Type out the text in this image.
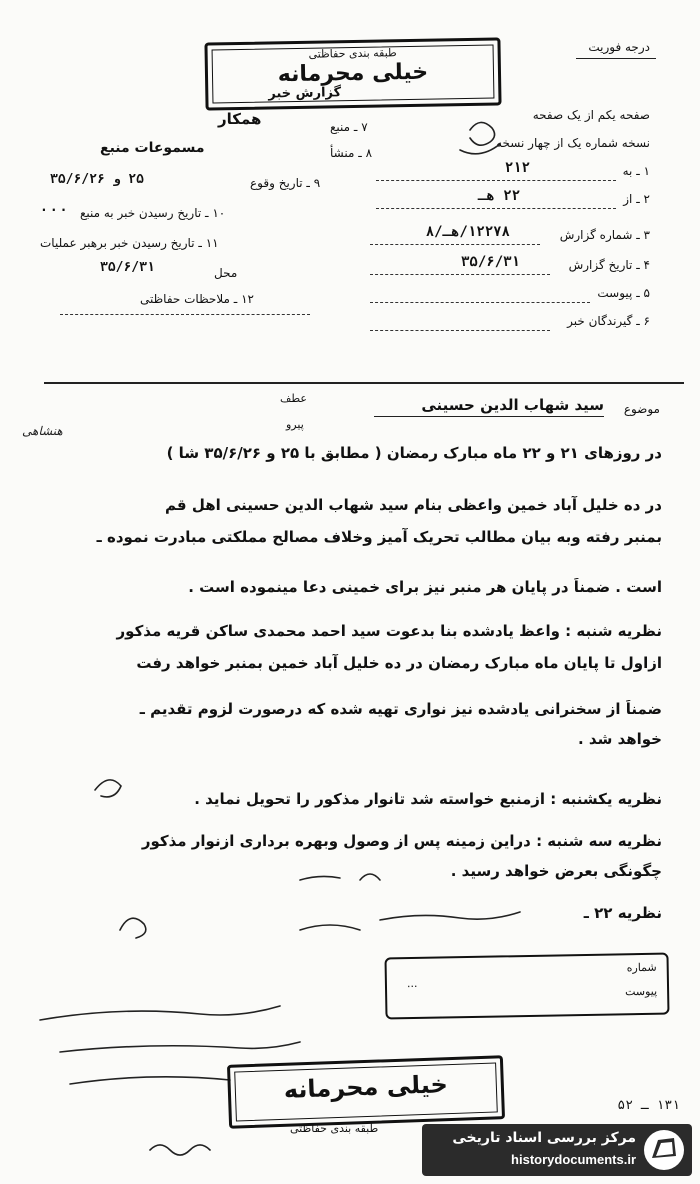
درجه فوریت
طبقه بندی حفاظتی
خیلی محرمانه
گزارش خبر
صفحه یکم از یک صفحه
نسخه شماره یک از چهار نسخه
۱ ـ به
۲۱۲
۲ ـ از
۲۲ هـ
۳ ـ شماره گزارش
۱۲۲۷۸/هـ/۸
۴ ـ تاریخ گزارش
۳۵/۶/۳۱
۵ ـ پیوست
۶ ـ گیرندگان خبر
۷ ـ منبع
همکار
۸ ـ منشأ
مسموعات منبع
۹ ـ تاریخ وقوع
۲۵ و ۳۵/۶/۲۶
۱۰ ـ تاریخ رسیدن خبر به منبع
...
۱۱ ـ تاریخ رسیدن خبر برهبر عملیات
محل
۳۵/۶/۳۱
۱۲ ـ ملاحظات حفاظتی
موضوع
سید شهاب الدین حسینی
عطف
پیرو
هنشاهی
در روزهای ۲۱ و ۲۲ ماه مبارک رمضان ( مطابق با ۲۵ و ۳۵/۶/۲۶ شا )
در ده خلیل آباد خمین واعظی بنام سید شهاب الدین حسینی اهل قم
بمنبر رفته وبه بیان مطالب تحریک آمیز وخلاف مصالح مملکتی مبادرت نموده ـ
است . ضمناً در پایان هر منبر نیز برای خمینی دعا مینموده است .
نظریه شنبه : واعظ یادشده بنا بدعوت سید احمد محمدی ساکن قریه مذکور
ازاول تا پایان ماه مبارک رمضان در ده خلیل آباد خمین بمنبر خواهد رفت
ضمناً از سخنرانی یادشده نیز نواری تهیه شده که درصورت لزوم تقدیم ـ
خواهد شد .
نظریه یکشنبه : ازمنبع خواسته شد تانوار مذکور را تحویل نماید .
نظریه سه شنبه : دراین زمینه پس از وصول وبهره برداری ازنوار مذکور
چگونگی بعرض خواهد رسید .
نظریه ۲۲ ـ
شماره
پیوست
...
خیلی محرمانه
طبقه بندی حفاظتی
۱۳۱ ـ ۵۲
مرکز بررسی اسناد تاریخی
historydocuments.ir
